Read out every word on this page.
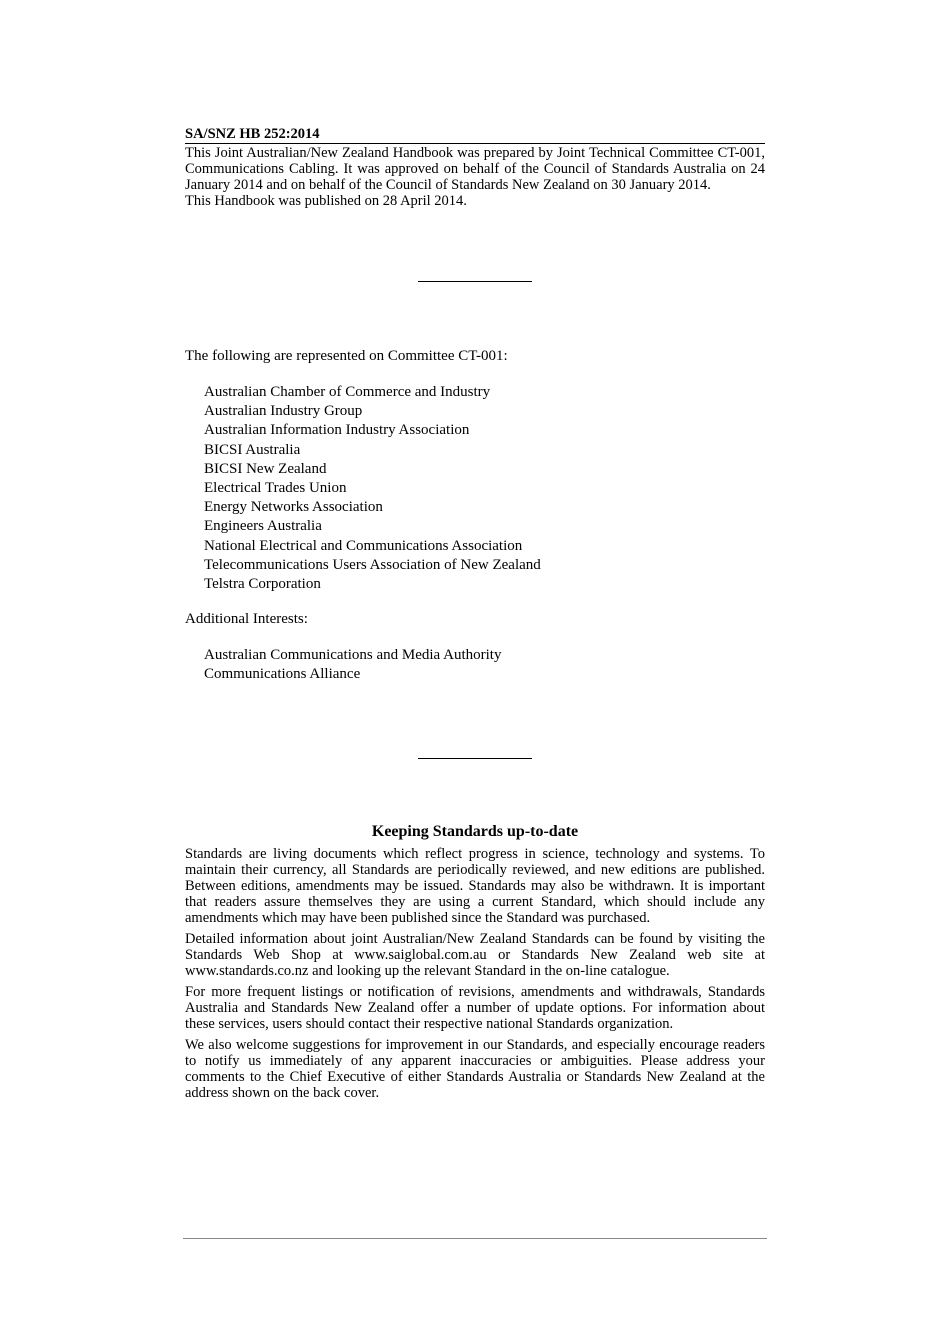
SA/SNZ HB 252:2014

This Joint Australian/New Zealand Handbook was prepared by Joint Technical Committee CT-001, Communications Cabling. It was approved on behalf of the Council of Standards Australia on 24 January 2014 and on behalf of the Council of Standards New Zealand on 30 January 2014.

This Handbook was published on 28 April 2014.

The following are represented on Committee CT-001:

Australian Chamber of Commerce and Industry
Australian Industry Group
Australian Information Industry Association
BICSI Australia
BICSI New Zealand
Electrical Trades Union
Energy Networks Association
Engineers Australia
National Electrical and Communications Association
Telecommunications Users Association of New Zealand
Telstra Corporation

Additional Interests:

Australian Communications and Media Authority
Communications Alliance
Keeping Standards up-to-date

Standards are living documents which reflect progress in science, technology and systems. To maintain their currency, all Standards are periodically reviewed, and new editions are published. Between editions, amendments may be issued. Standards may also be withdrawn. It is important that readers assure themselves they are using a current Standard, which should include any amendments which may have been published since the Standard was purchased.

Detailed information about joint Australian/New Zealand Standards can be found by visiting the Standards Web Shop at www.saiglobal.com.au or Standards New Zealand web site at www.standards.co.nz and looking up the relevant Standard in the on-line catalogue.

For more frequent listings or notification of revisions, amendments and withdrawals, Standards Australia and Standards New Zealand offer a number of update options. For information about these services, users should contact their respective national Standards organization.

We also welcome suggestions for improvement in our Standards, and especially encourage readers to notify us immediately of any apparent inaccuracies or ambiguities. Please address your comments to the Chief Executive of either Standards Australia or Standards New Zealand at the address shown on the back cover.
